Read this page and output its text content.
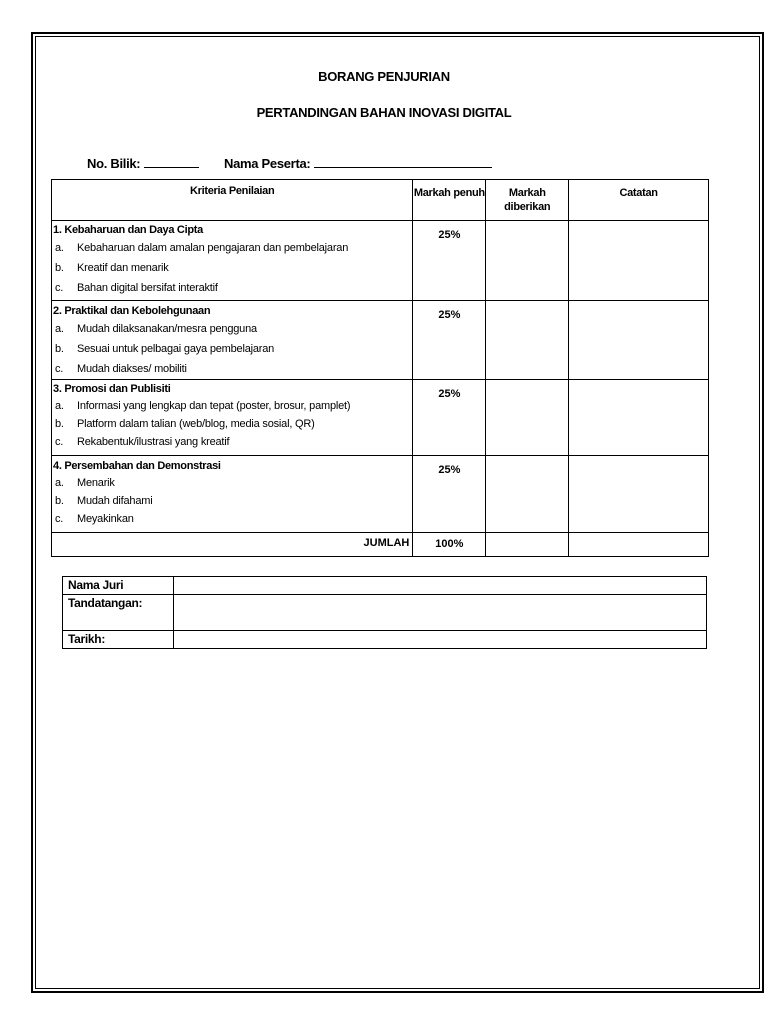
BORANG PENJURIAN
PERTANDINGAN BAHAN INOVASI DIGITAL
No. Bilik:	Nama Peserta:
Kriteria Penilaian	Markah penuh	Markah diberikan	Catatan

1. Kebaharuan dan Daya Cipta
a. Kebaharuan dalam amalan pengajaran dan pembelajaran
b. Kreatif dan menarik
c. Bahan digital bersifat interaktif	25%		

2. Praktikal dan Kebolehgunaan
a. Mudah dilaksanakan/mesra pengguna
b. Sesuai untuk pelbagai gaya pembelajaran
c. Mudah diakses/ mobiliti	25%		

3. Promosi dan Publisiti
a. Informasi yang lengkap dan tepat (poster, brosur, pamplet)
b. Platform dalam talian (web/blog, media sosial, QR)
c. Rekabentuk/ilustrasi yang kreatif	25%		

4. Persembahan dan Demonstrasi
a. Menarik
b. Mudah difahami
c. Meyakinkan	25%		
JUMLAH	100%		
Nama Juri	
Tandatangan:	
Tarikh:	
